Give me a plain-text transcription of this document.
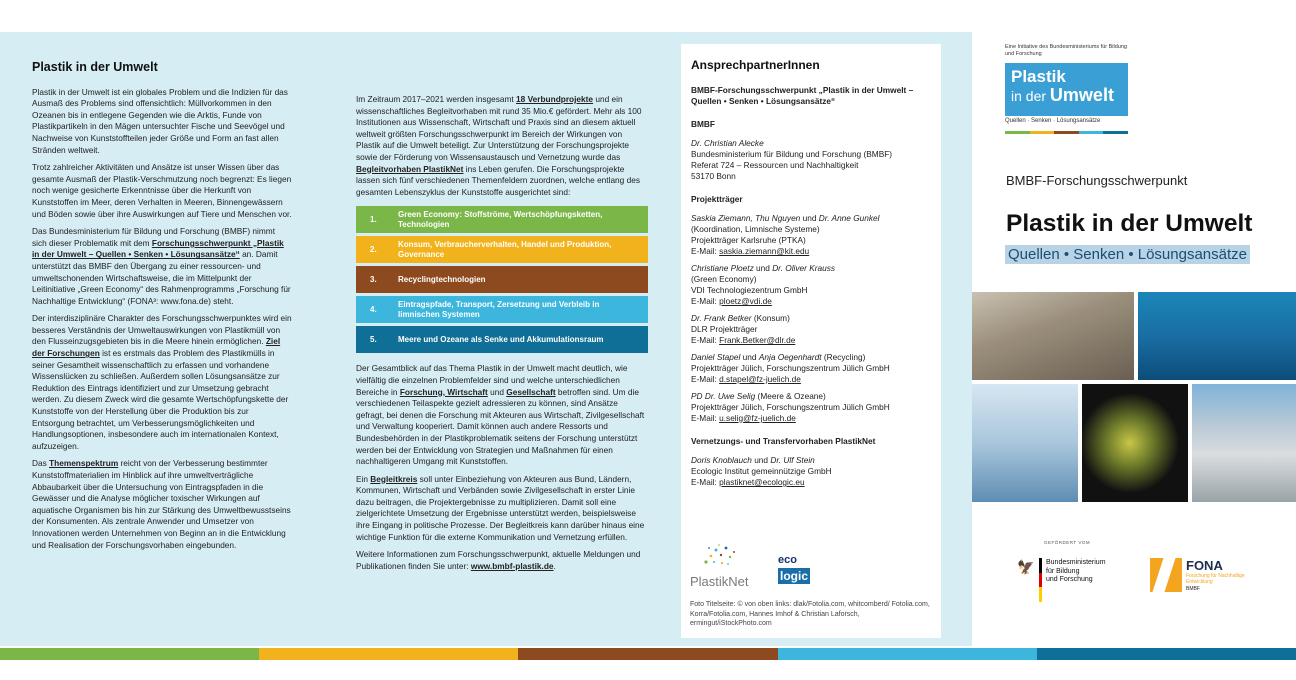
Plastik in der Umwelt

Plastik in der Umwelt ist ein globales Problem und die Indizien für das Ausmaß des Problems sind offensichtlich: Müllvorkommen in den Ozeanen bis in entlegene Gegenden wie die Arktis, Funde von Plastikpartikeln in den Mägen untersuchter Fische und Seevögel und Nachweise von Kunststoffteilen jeder Größe und Form an fast allen Stränden weltweit.

Trotz zahlreicher Aktivitäten und Ansätze ist unser Wissen über das gesamte Ausmaß der Plastik-Verschmutzung noch begrenzt: Es liegen noch wenige gesicherte Erkenntnisse über die Herkunft von Kunststoffen im Meer, deren Verhalten in Meeren, Binnengewässern und Böden sowie über ihre Auswirkungen auf Tiere und Menschen vor.

Das Bundesministerium für Bildung und Forschung (BMBF) nimmt sich dieser Problematik mit dem Forschungsschwerpunkt „Plastik in der Umwelt – Quellen • Senken • Lösungsansätze“ an. Damit unterstützt das BMBF den Übergang zu einer ressourcen- und umweltschonenden Wirtschaftsweise, die im Mittelpunkt der Leitinitiative „Green Economy“ des Rahmenprogramms „Forschung für Nachhaltige Entwicklung“ (FONA³: www.fona.de) steht.

Der interdisziplinäre Charakter des Forschungsschwerpunktes wird ein besseres Verständnis der Umweltauswirkungen von Plastikmüll von den Flusseinzugsgebieten bis in die Meere hinein ermöglichen. Ziel der Forschungen ist es erstmals das Problem des Plastikmülls in seiner Gesamtheit wissenschaftlich zu erfassen und vorhandene Wissenslücken zu schließen. Außerdem sollen Lösungsansätze zur Reduktion des Eintrags identifiziert und zur Umsetzung gebracht werden. Zu diesem Zweck wird die gesamte Wertschöpfungskette der Kunststoffe von der Herstellung über die Produktion bis zur Entsorgung betrachtet, um Verbesserungsmöglichkeiten und Handlungsoptionen, insbesondere auch im internationalen Kontext, aufzuzeigen.

Das Themenspektrum reicht von der Verbesserung bestimmter Kunststoffmaterialien im Hinblick auf ihre umweltverträgliche Abbaubarkeit über die Untersuchung von Eintragspfaden in die Gewässer und die Analyse möglicher toxischer Wirkungen auf aquatische Organismen bis hin zur Stärkung des Umweltbewusstseins der Konsumenten. Als zentrale Anwender und Umsetzer von Innovationen werden Unternehmen von Beginn an in die Entwicklung und Realisation der Forschungsvorhaben eingebunden.

Im Zeitraum 2017–2021 werden insgesamt 18 Verbundprojekte und ein wissenschaftliches Begleitvorhaben mit rund 35 Mio.€ gefördert. Mehr als 100 Institutionen aus Wissenschaft, Wirtschaft und Praxis sind an diesem aktuell weltweit größten Forschungsschwerpunkt im Bereich der Wirkungen von Plastik auf die Umwelt beteiligt. Zur Unterstützung der Forschungsprojekte sowie der Förderung von Wissensaustausch und Vernetzung wurde das Begleitvorhaben PlastikNet ins Leben gerufen. Die Forschungsprojekte lassen sich fünf verschiedenen Themenfeldern zuordnen, welche entlang des gesamten Lebenszyklus der Kunststoffe ausgerichtet sind:

1.
Green Economy: Stoffströme, Wertschöpfungsketten, Technologien
2.
Konsum, Verbraucherverhalten, Handel und Produktion, Governance
3.	Recyclingtechnologien
4.
Eintragspfade, Transport, Zersetzung und Verbleib in limnischen Systemen
5.	Meere und Ozeane als Senke und Akkumulationsraum

Der Gesamtblick auf das Thema Plastik in der Umwelt macht deutlich, wie vielfältig die einzelnen Problemfelder sind und welche unterschiedlichen Bereiche in Forschung, Wirtschaft und Gesellschaft betroffen sind. Um die verschiedenen Teilaspekte gezielt adressieren zu können, sind Ansätze gefragt, bei denen die Forschung mit Akteuren aus Wirtschaft, Zivilgesellschaft und Verwaltung kooperiert. Damit können auch andere Ressorts und Bundesbehörden in der Plastikproblematik seitens der Forschung unterstützt werden bei der Entwicklung von Strategien und Maßnahmen für einen nachhaltigeren Umgang mit Kunststoffen.

Ein Begleitkreis soll unter Einbeziehung von Akteuren aus Bund, Ländern, Kommunen, Wirtschaft und Verbänden sowie Zivilgesellschaft in erster Linie dazu beitragen, die Projektergebnisse zu multiplizieren. Damit soll eine zielgerichtete Umsetzung der Ergebnisse unterstützt werden, beispielsweise ihre Eingang in politische Prozesse. Der Begleitkreis kann darüber hinaus eine wichtige Funktion für die externe Kommunikation und Vernetzung erfüllen.

Weitere Informationen zum Forschungsschwerpunkt, aktuelle Meldungen und Publikationen finden Sie unter: www.bmbf-plastik.de.

AnsprechpartnerInnen
BMBF-Forschungsschwerpunkt „Plastik in der Umwelt – Quellen • Senken • Lösungsansätze“
BMBF
Dr. Christian Alecke
Bundesministerium für Bildung und Forschung (BMBF)
Referat 724 – Ressourcen und Nachhaltigkeit
53170 Bonn
Projektträger
Saskia Ziemann, Thu Nguyen und Dr. Anne Gunkel
(Koordination, Limnische Systeme)
Projektträger Karlsruhe (PTKA)
E-Mail: saskia.ziemann@kit.edu
Christiane Ploetz und Dr. Oliver Krauss
(Green Economy)
VDI Technologiezentrum GmbH
E-Mail: ploetz@vdi.de
Dr. Frank Betker (Konsum)
DLR Projektträger
E-Mail: Frank.Betker@dlr.de
Daniel Stapel und Anja Oegenhardt (Recycling)
Projektträger Jülich, Forschungszentrum Jülich GmbH
E-Mail: d.stapel@fz-juelich.de
PD Dr. Uwe Selig (Meere & Ozeane)
Projektträger Jülich, Forschungszentrum Jülich GmbH
E-Mail: u.selig@fz-juelich.de
Vernetzungs- und Transfervorhaben PlastikNet
Doris Knoblauch und Dr. Ulf Stein
Ecologic Institut gemeinnützige GmbH
E-Mail: plastiknet@ecologic.eu
PlastikNet
eco
logic
Foto Titelseite: © von oben links: dlak/Fotolia.com, whitcomberd/ Fotolia.com, Korra/Fotolia.com, Hannes Imhof & Christian Laforsch, ermingut/iStockPhoto.com
Eine Initiative des Bundesministeriums für Bildung und Forschung
Plastik
in der Umwelt
Quellen · Senken · Lösungsansätze
BMBF-Forschungsschwerpunkt
Plastik in der Umwelt
Quellen • Senken • Lösungsansätze
GEFÖRDERT VOM
🦅 Bundesministerium
für Bildung
und Forschung
FONA
Forschung für Nachhaltige Entwicklung
BMBF
